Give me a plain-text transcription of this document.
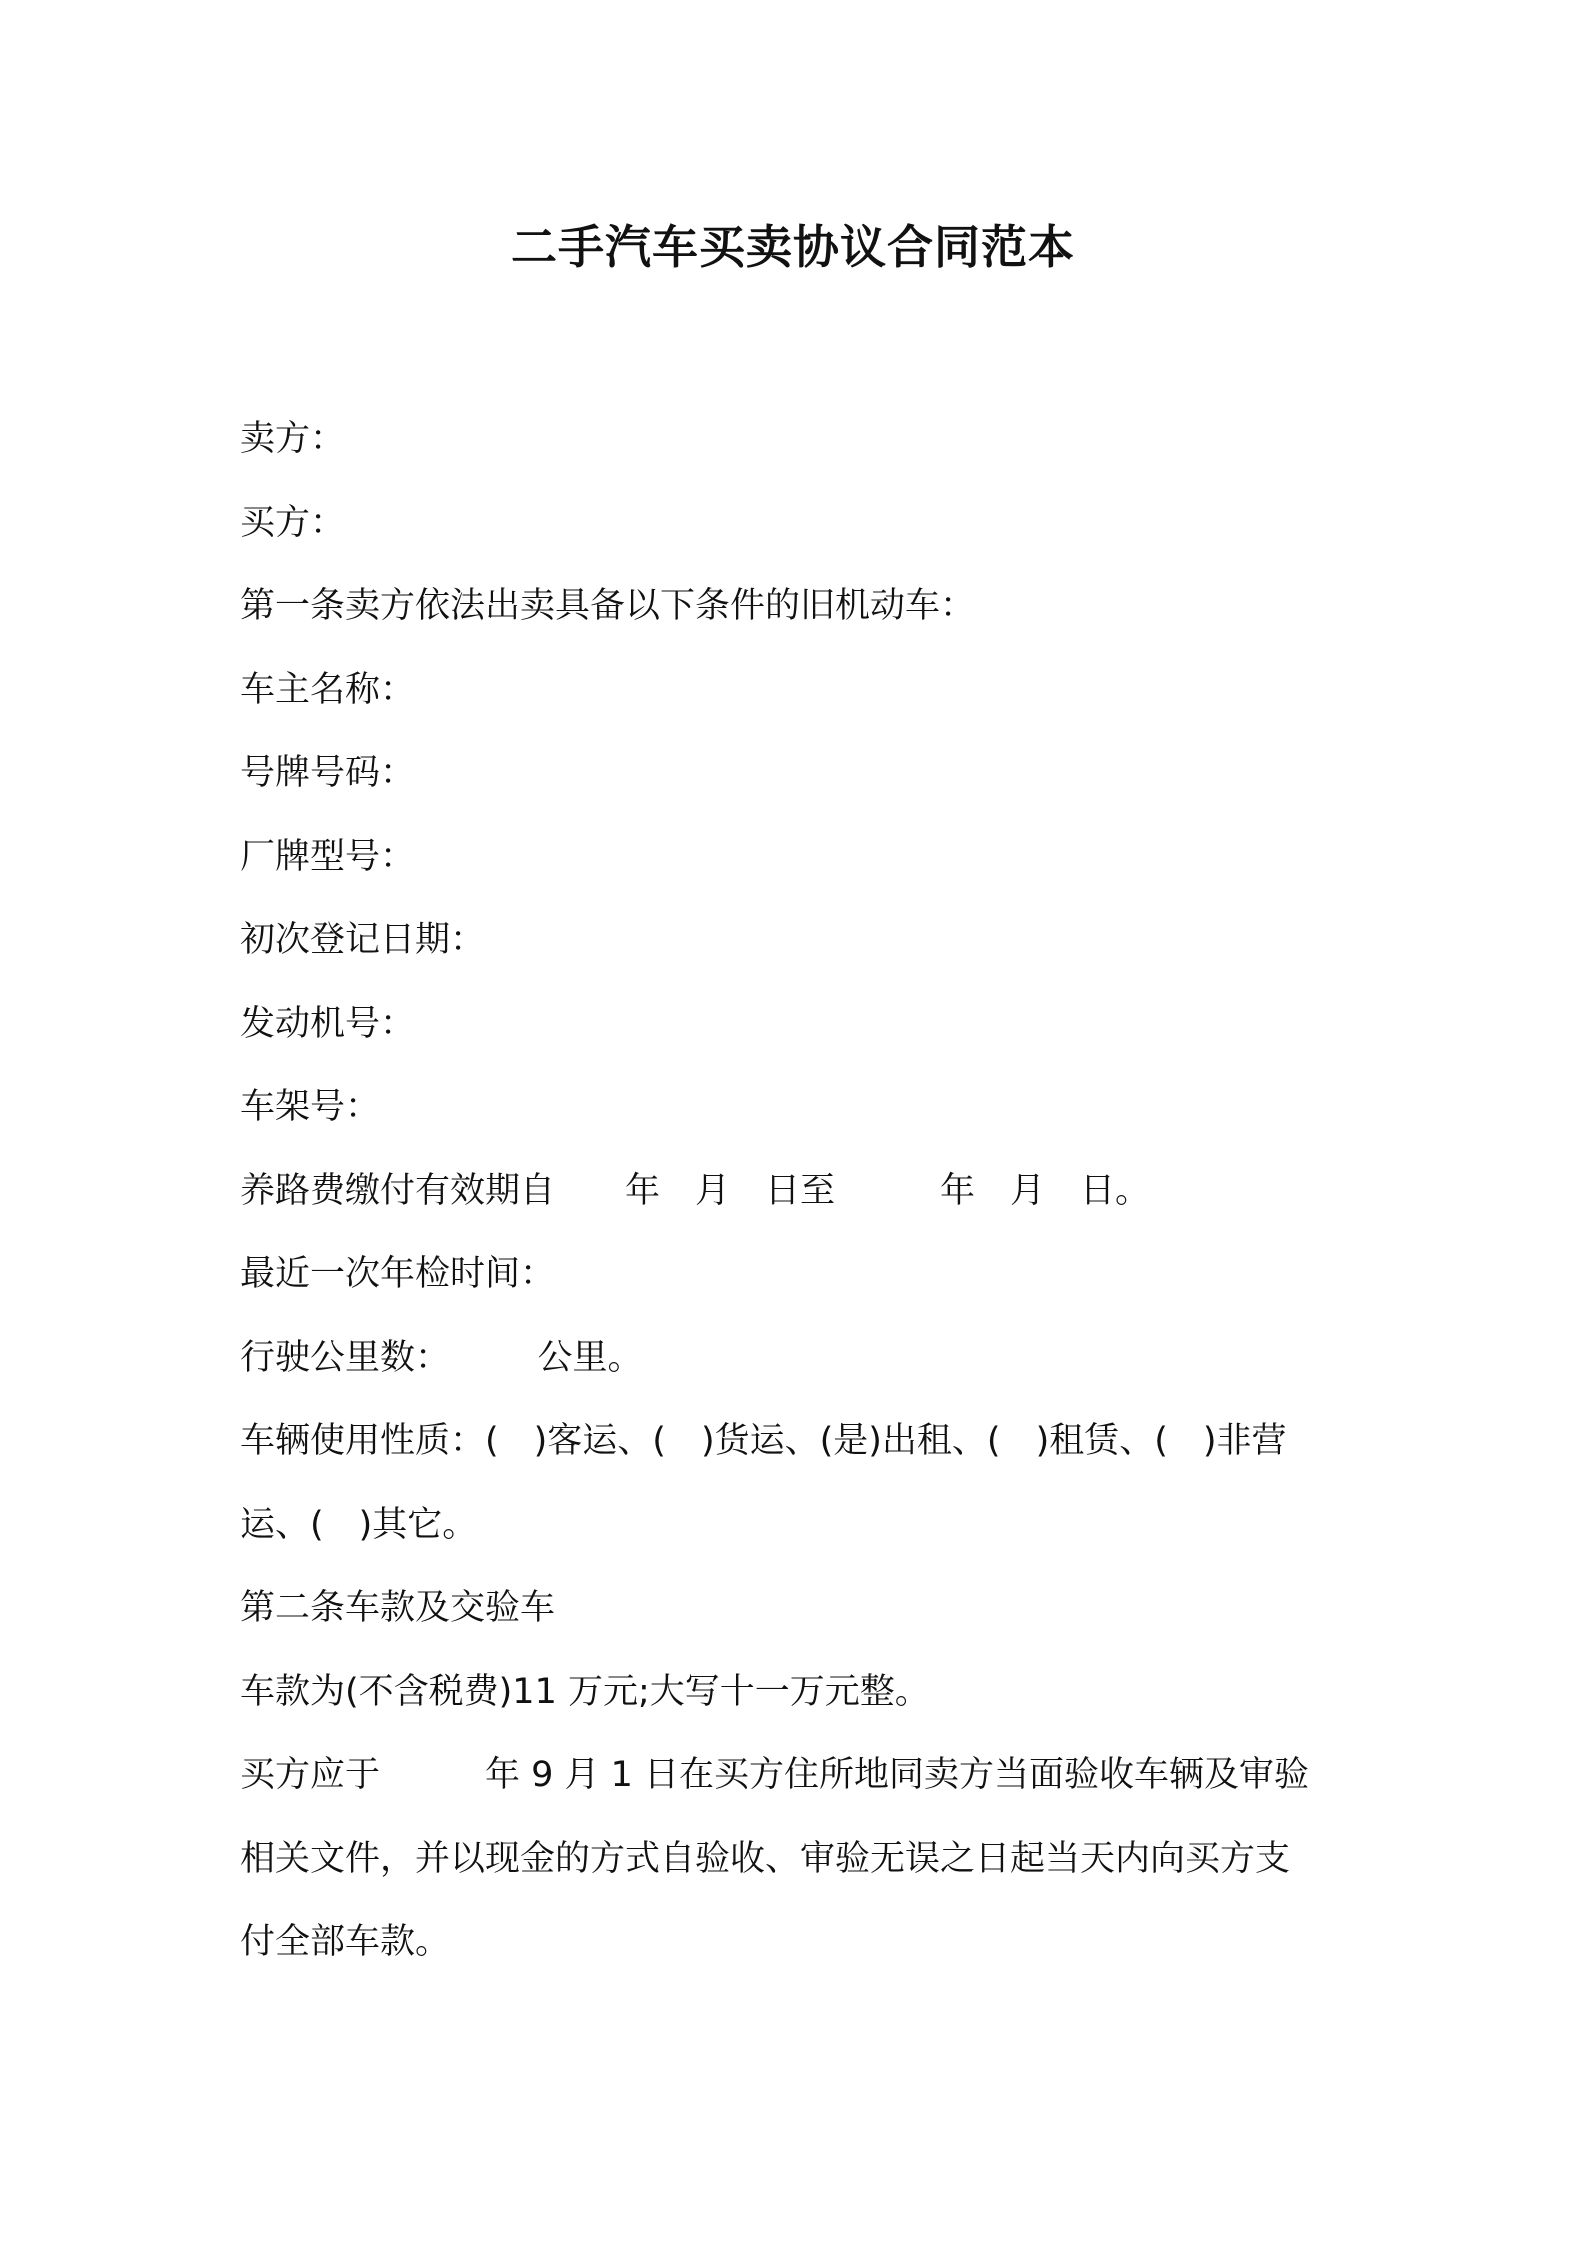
二手汽车买卖协议合同范本
卖方：
买方：
第一条卖方依法出卖具备以下条件的旧机动车：
车主名称：
号牌号码：
厂牌型号：
初次登记日期：
发动机号：
车架号：
养路费缴付有效期自　　年　月　日至　　　年　月　日。
最近一次年检时间：
行驶公里数：　　　公里。
车辆使用性质：(　)客运、(　)货运、(是)出租、(　)租赁、(　)非营
运、(　)其它。
第二条车款及交验车
车款为(不含税费)11 万元;大写十一万元整。
买方应于　　　年 9 月 1 日在买方住所地同卖方当面验收车辆及审验
相关文件，并以现金的方式自验收、审验无误之日起当天内向买方支
付全部车款。
